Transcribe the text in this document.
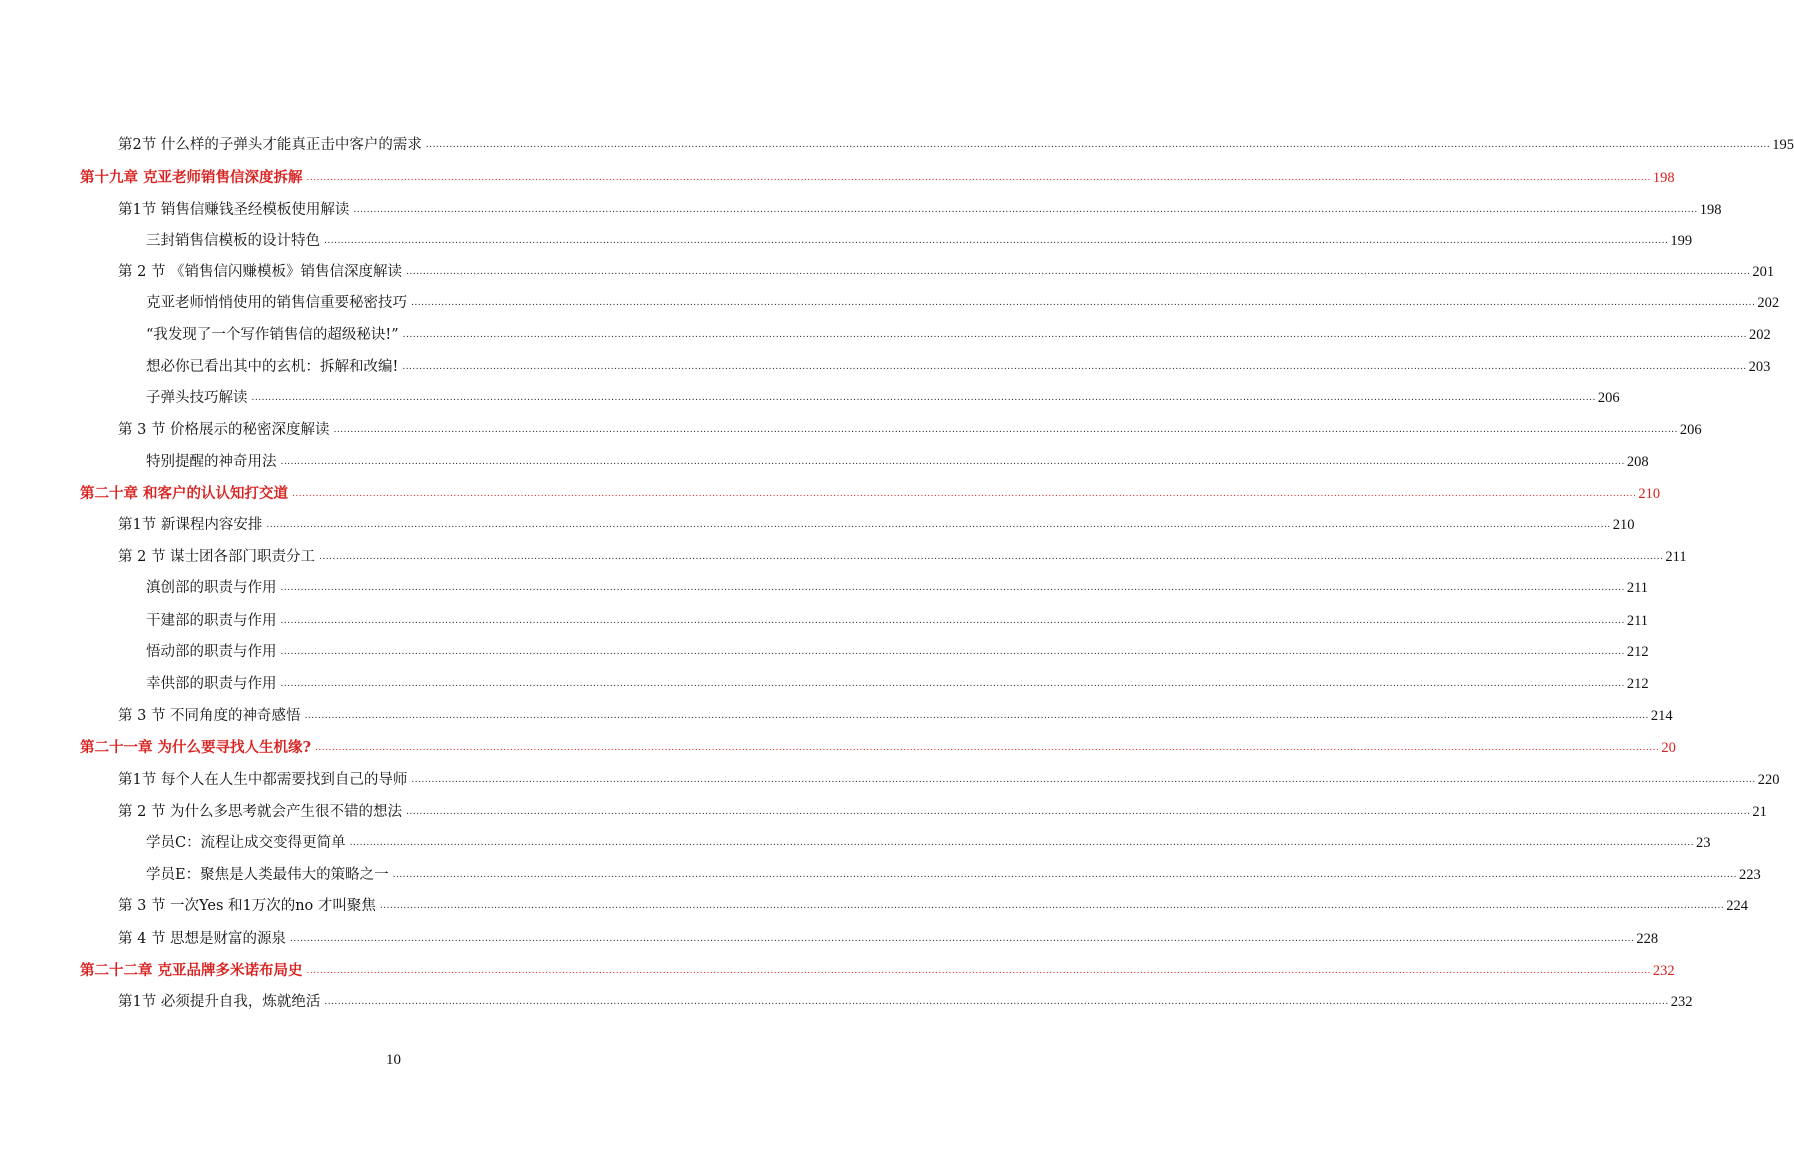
第2节 什么样的子弹头才能真正击中客户的需求 ................................................................................................................................................................................................................................................................................................................................................................................................................ 195
第十九章 克亚老师销售信深度拆解 ................................................................................................................................................................................................................................................................................................................................................................................................................ 198
第1节 销售信赚钱圣经模板使用解读 ................................................................................................................................................................................................................................................................................................................................................................................................................ 198
三封销售信模板的设计特色 ................................................................................................................................................................................................................................................................................................................................................................................................................ 199
第 2 节 《销售信闪赚模板》销售信深度解读 ................................................................................................................................................................................................................................................................................................................................................................................................................ 201
克亚老师悄悄使用的销售信重要秘密技巧 ................................................................................................................................................................................................................................................................................................................................................................................................................ 202
“我发现了一个写作销售信的超级秘诀!” ................................................................................................................................................................................................................................................................................................................................................................................................................ 202
想必你已看出其中的玄机：拆解和改编! ................................................................................................................................................................................................................................................................................................................................................................................................................ 203
子弹头技巧解读 ................................................................................................................................................................................................................................................................................................................................................................................................................ 206
第 3 节 价格展示的秘密深度解读 ................................................................................................................................................................................................................................................................................................................................................................................................................ 206
特别提醒的神奇用法 ................................................................................................................................................................................................................................................................................................................................................................................................................ 208
第二十章 和客户的认认知打交道 ................................................................................................................................................................................................................................................................................................................................................................................................................ 210
第1节 新课程内容安排 ................................................................................................................................................................................................................................................................................................................................................................................................................ 210
第 2 节 谋士团各部门职责分工 ................................................................................................................................................................................................................................................................................................................................................................................................................ 211
滇创部的职责与作用 ................................................................................................................................................................................................................................................................................................................................................................................................................ 211
干建部的职责与作用 ................................................................................................................................................................................................................................................................................................................................................................................................................ 211
悟动部的职责与作用 ................................................................................................................................................................................................................................................................................................................................................................................................................ 212
幸供部的职责与作用 ................................................................................................................................................................................................................................................................................................................................................................................................................ 212
第 3 节 不同角度的神奇感悟 ................................................................................................................................................................................................................................................................................................................................................................................................................ 214
第二十一章 为什么要寻找人生机缘? ................................................................................................................................................................................................................................................................................................................................................................................................................ 20
第1节 每个人在人生中都需要找到自己的导师 ................................................................................................................................................................................................................................................................................................................................................................................................................ 220
第 2 节 为什么多思考就会产生很不错的想法 ................................................................................................................................................................................................................................................................................................................................................................................................................ 21
学员C：流程让成交变得更简单 ................................................................................................................................................................................................................................................................................................................................................................................................................ 23
学员E：聚焦是人类最伟大的策略之一 ................................................................................................................................................................................................................................................................................................................................................................................................................ 223
第 3 节 一次Yes 和1万次的no 才叫聚焦 ................................................................................................................................................................................................................................................................................................................................................................................................................ 224
第 4 节 思想是财富的源泉 ................................................................................................................................................................................................................................................................................................................................................................................................................ 228
第二十二章 克亚品牌多米诺布局史 ................................................................................................................................................................................................................................................................................................................................................................................................................ 232
第1节 必须提升自我，炼就绝活 ................................................................................................................................................................................................................................................................................................................................................................................................................ 232
10
